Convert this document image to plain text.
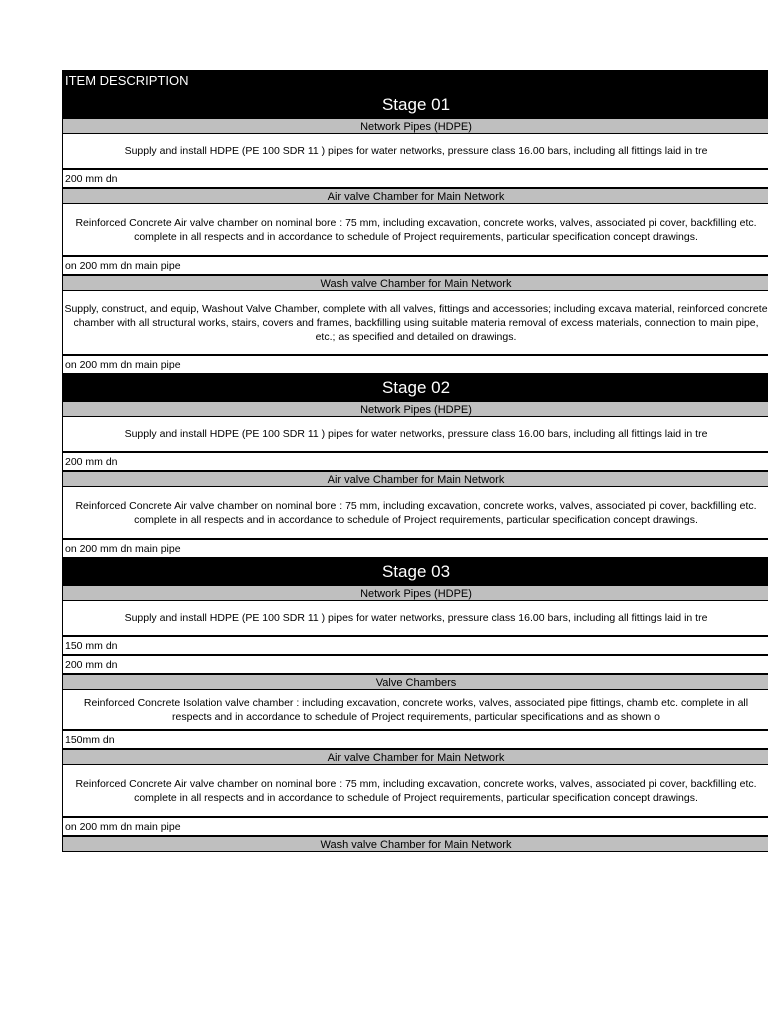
ITEM DESCRIPTION
Stage 01
Network Pipes (HDPE)
Supply and install HDPE (PE 100 SDR 11 ) pipes for water networks, pressure class 16.00 bars, including all fittings laid in tre
200 mm dn
Air valve Chamber for Main Network
Reinforced Concrete Air valve chamber on nominal bore : 75 mm, including excavation, concrete works, valves, associated pi cover, backfilling etc. complete in all respects and in accordance to schedule of Project requirements, particular specification concept drawings.
on 200 mm dn main pipe
Wash valve Chamber for Main Network
Supply, construct, and equip, Washout Valve Chamber, complete with all valves, fittings and accessories; including excava material, reinforced concrete chamber with all structural works, stairs, covers and frames, backfilling using suitable materia removal of excess materials, connection to main pipe, etc.; as specified and detailed on drawings.
on 200 mm dn main pipe
Stage 02
Network Pipes (HDPE)
Supply and install HDPE (PE 100 SDR 11 ) pipes for water networks, pressure class 16.00 bars, including all fittings laid in tre
200 mm dn
Air valve Chamber for Main Network
Reinforced Concrete Air valve chamber on nominal bore : 75 mm, including excavation, concrete works, valves, associated pi cover, backfilling etc. complete in all respects and in accordance to schedule of Project requirements, particular specification concept drawings.
on 200 mm dn main pipe
Stage 03
Network Pipes (HDPE)
Supply and install HDPE (PE 100 SDR 11 ) pipes for water networks, pressure class 16.00 bars, including all fittings laid in tre
150 mm dn
200 mm dn
Valve Chambers
Reinforced Concrete Isolation valve chamber : including excavation, concrete works, valves, associated pipe fittings, chamb etc. complete in all respects and in accordance to schedule of Project requirements, particular specifications and as shown o
150mm dn
Air valve Chamber for Main Network
Reinforced Concrete Air valve chamber on nominal bore : 75 mm, including excavation, concrete works, valves, associated pi cover, backfilling etc. complete in all respects and in accordance to schedule of Project requirements, particular specification concept drawings.
on 200 mm dn main pipe
Wash valve Chamber for Main Network
